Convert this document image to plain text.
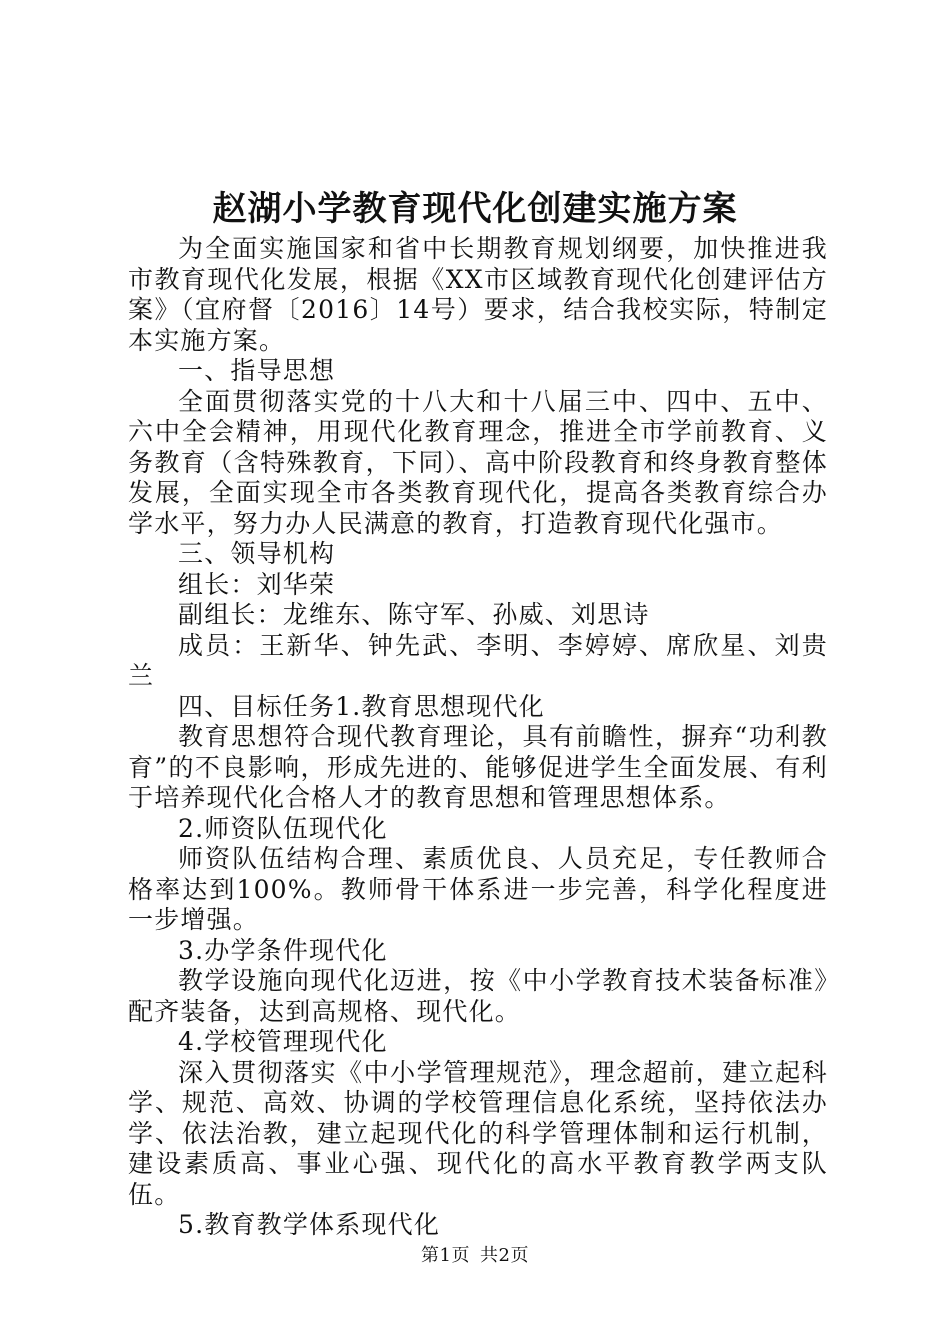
赵湖小学教育现代化创建实施方案

为全面实施国家和省中长期教育规划纲要，加快推进我市教育现代化发展，根据《XX市区域教育现代化创建评估方案》（宜府督〔2016〕14号）要求，结合我校实际，特制定本实施方案。

一、指导思想

全面贯彻落实党的十八大和十八届三中、四中、五中、六中全会精神，用现代化教育理念，推进全市学前教育、义务教育（含特殊教育，下同）、高中阶段教育和终身教育整体发展，全面实现全市各类教育现代化，提高各类教育综合办学水平，努力办人民满意的教育，打造教育现代化强市。

三、领导机构

组长：刘华荣

副组长：龙维东、陈守军、孙威、刘思诗

成员：王新华、钟先武、李明、李婷婷、席欣星、刘贵兰

四、目标任务1.教育思想现代化

教育思想符合现代教育理论，具有前瞻性，摒弃“功利教育”的不良影响，形成先进的、能够促进学生全面发展、有利于培养现代化合格人才的教育思想和管理思想体系。

2.师资队伍现代化

师资队伍结构合理、素质优良、人员充足，专任教师合格率达到100%。教师骨干体系进一步完善，科学化程度进一步增强。

3.办学条件现代化

教学设施向现代化迈进，按《中小学教育技术装备标准》配齐装备，达到高规格、现代化。

4.学校管理现代化

深入贯彻落实《中小学管理规范》，理念超前，建立起科学、规范、高效、协调的学校管理信息化系统，坚持依法办学、依法治教，建立起现代化的科学管理体制和运行机制，建设素质高、事业心强、现代化的高水平教育教学两支队伍。

5.教育教学体系现代化

第1页 共2页
